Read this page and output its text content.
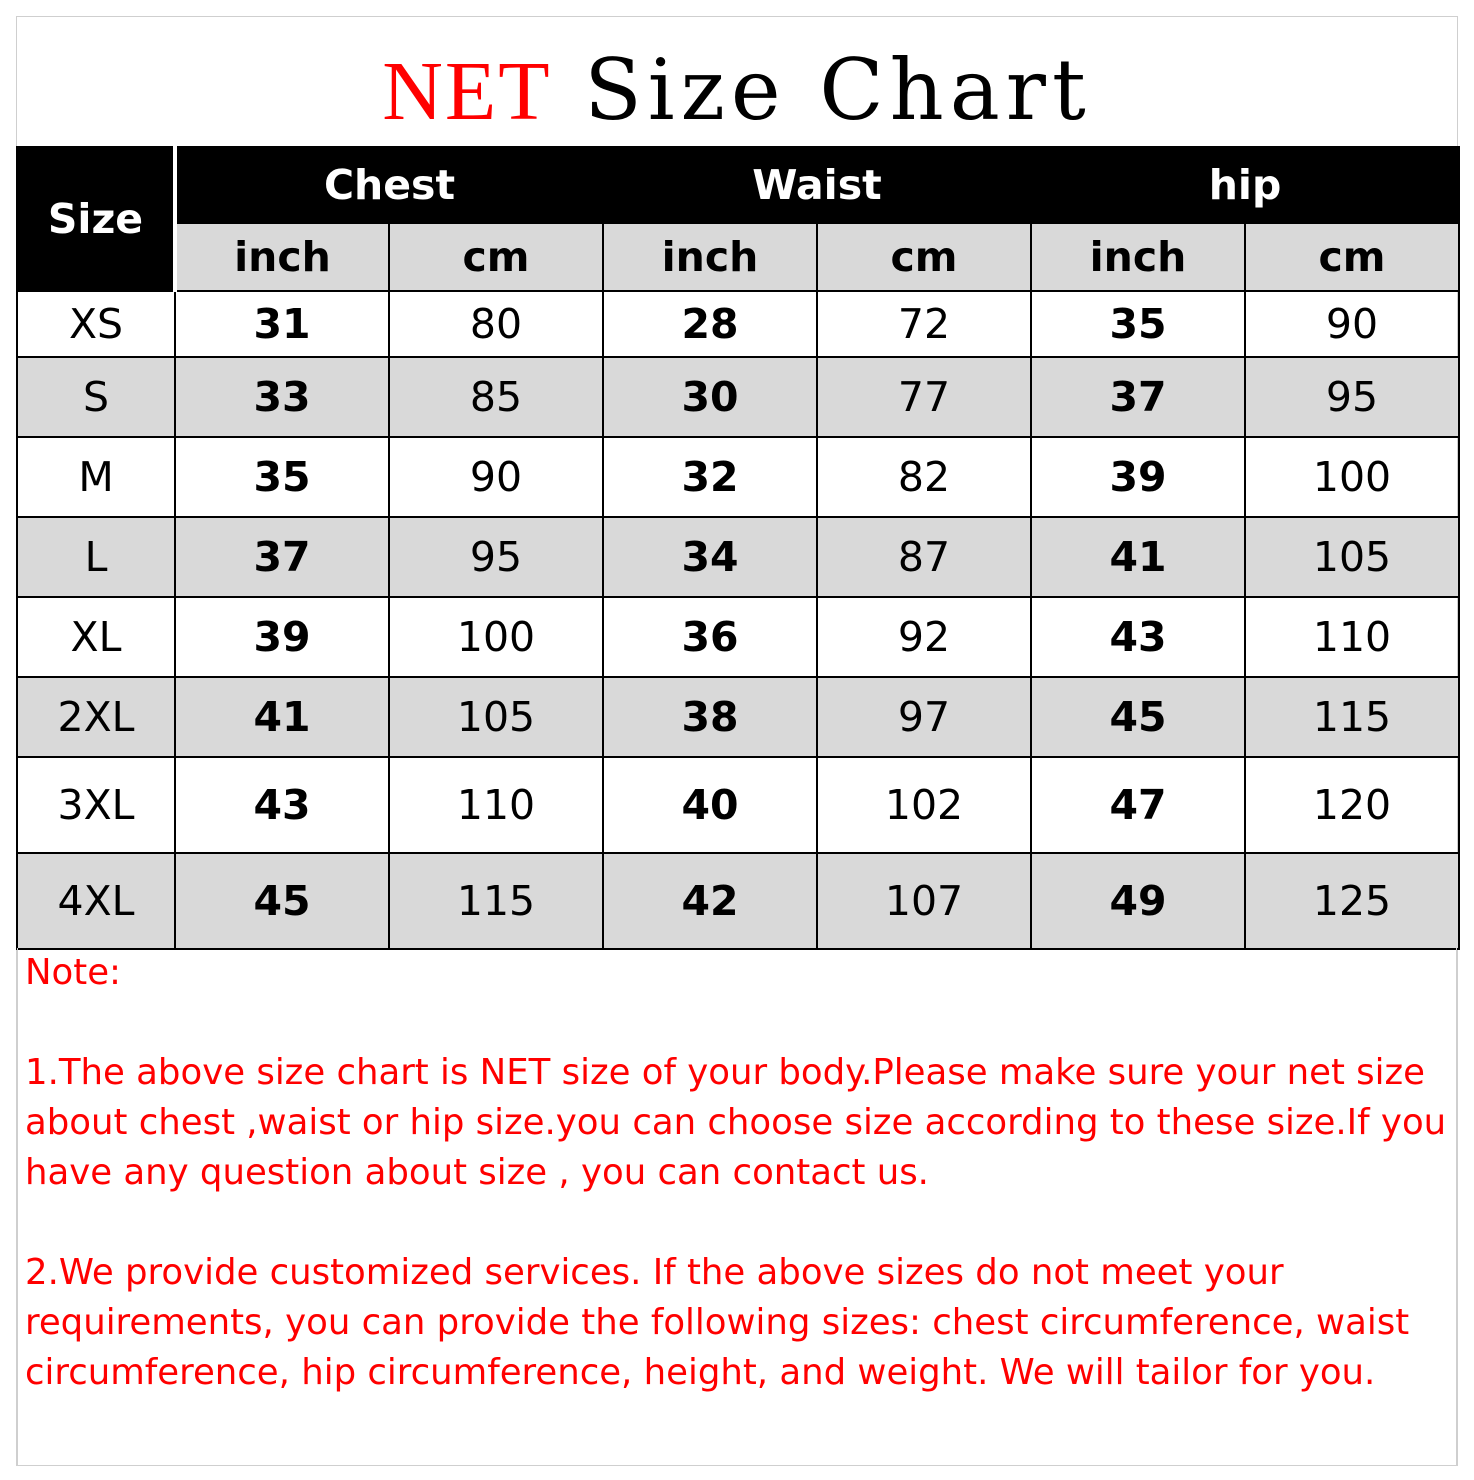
NET Size Chart
Size	Chest		Waist		hip	
	inch	cm	inch	cm	inch	cm
XS	31	80	28	72	35	90
S	33	85	30	77	37	95
M	35	90	32	82	39	100
L	37	95	34	87	41	105
XL	39	100	36	92	43	110
2XL	41	105	38	97	45	115
3XL	43	110	40	102	47	120
4XL	45	115	42	107	49	125

Note:

1.The above size chart is NET size of your body.Please make sure your net size about chest ,waist or hip size.you can choose size according to these size.If you have any question about size , you can contact us.

2.We provide customized services. If the above sizes do not meet your requirements, you can provide the following sizes: chest circumference, waist circumference, hip circumference, height, and weight. We will tailor for you.
